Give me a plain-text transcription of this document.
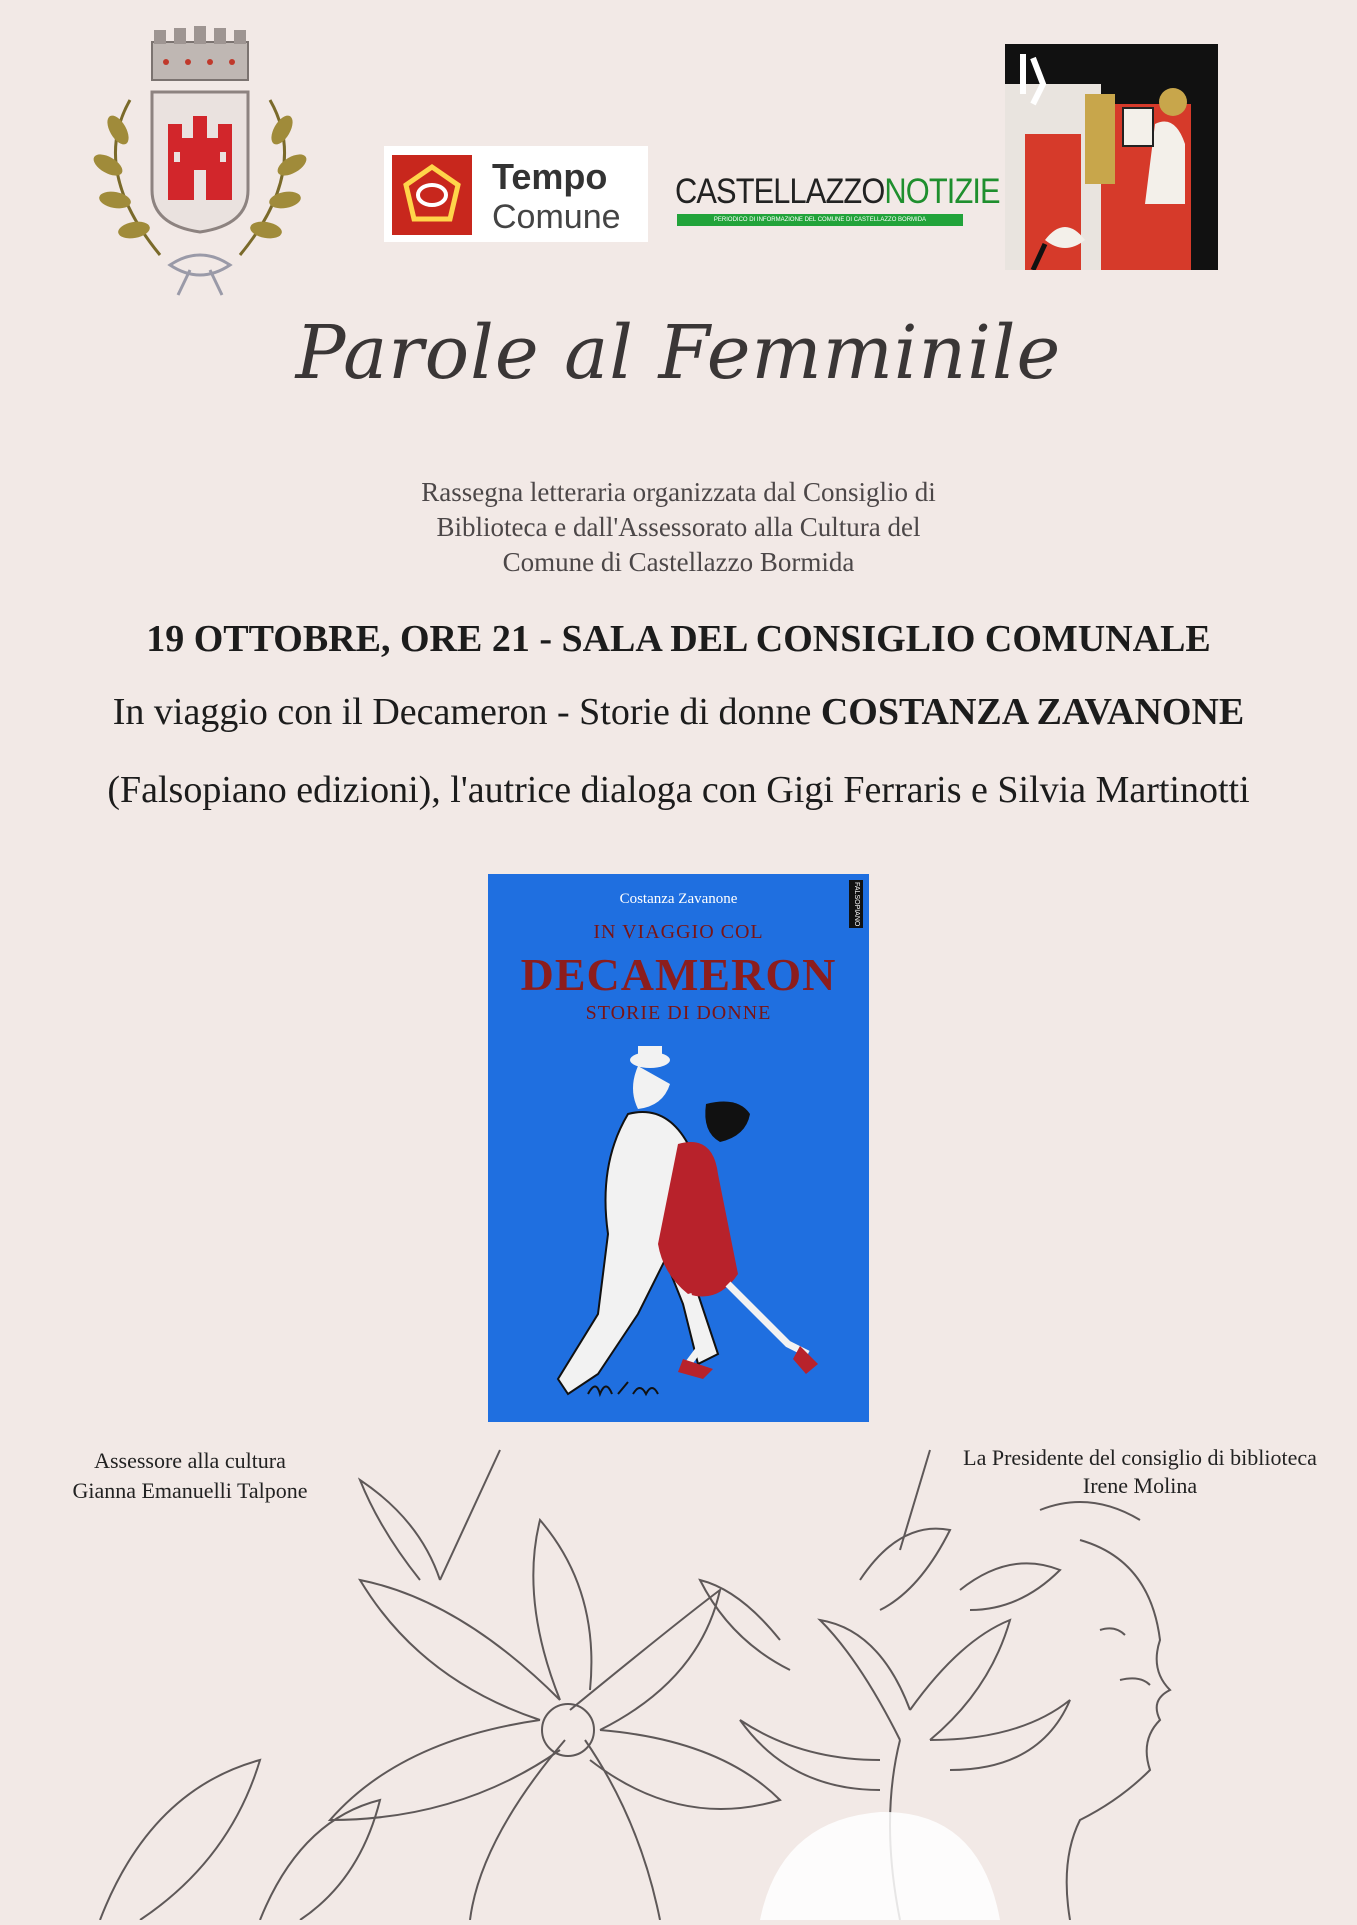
Tempo
Comune
CASTELLAZZONOTIZIE
PERIODICO DI INFORMAZIONE DEL COMUNE DI CASTELLAZZO BORMIDA
Parole al Femminile
Rassegna letteraria organizzata dal Consiglio di
Biblioteca e dall'Assessorato alla Cultura del
Comune di Castellazzo Bormida
19 OTTOBRE, ORE 21 - SALA DEL CONSIGLIO COMUNALE
In viaggio con il Decameron - Storie di donne COSTANZA ZAVANONE
(Falsopiano edizioni), l'autrice dialoga con Gigi Ferraris e Silvia Martinotti
Costanza Zavanone
IN VIAGGIO COL
DECAMERON
STORIE DI DONNE
FALSOPIANO
Assessore alla cultura
Gianna Emanuelli Talpone
La Presidente del consiglio di biblioteca
Irene Molina
